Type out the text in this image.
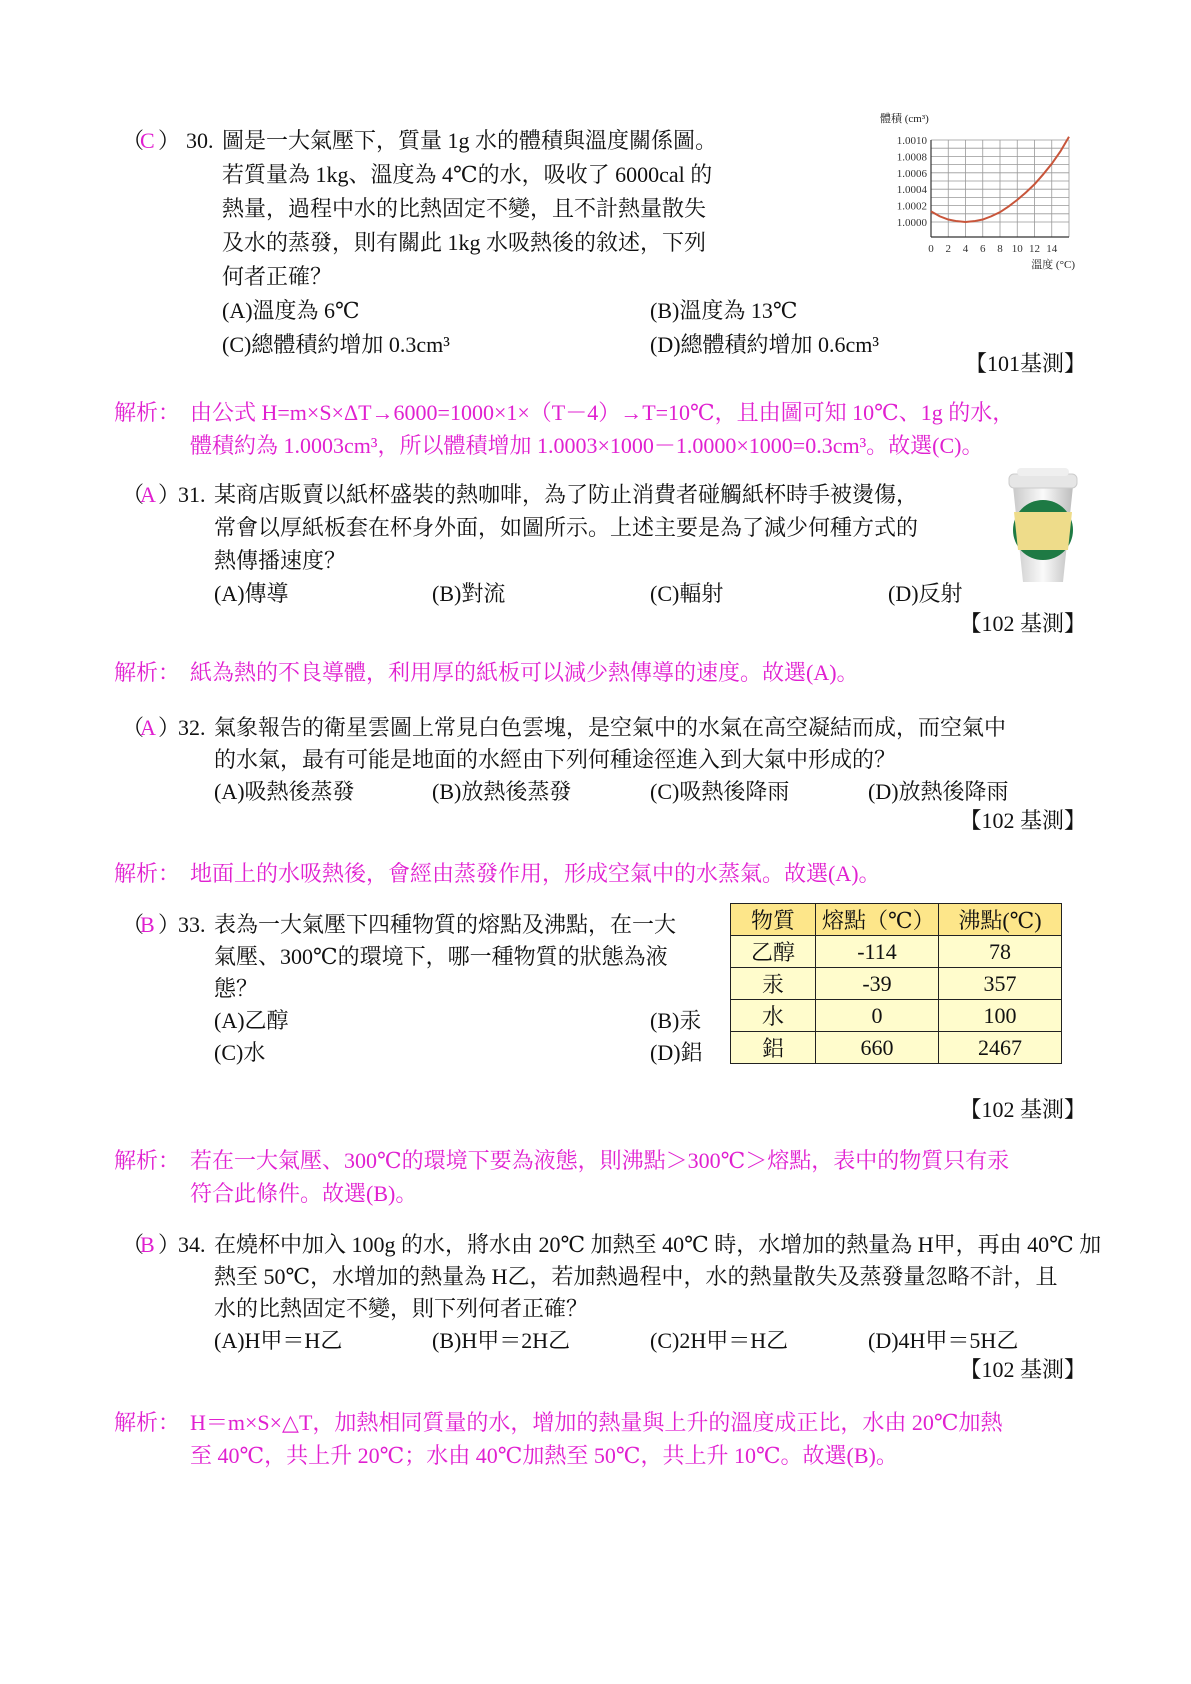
（
C ） 30. 圖是一大氣壓下，質量 1g 水的體積與溫度關係圖。
若質量為 1kg、溫度為 4℃的水，吸收了 6000cal 的
熱量，過程中水的比熱固定不變，且不計熱量散失
及水的蒸發，則有關此 1kg 水吸熱後的敘述，下列
何者正確？
(A)溫度為 6℃	(B)溫度為 13℃
(C)總體積約增加 0.3cm³	(D)總體積約增加 0.6cm³
【101基測】
解析： 由公式 H=m×S×ΔT→6000=1000×1×（T－4）→T=10℃，且由圖可知 10℃、1g 的水，
體積約為 1.0003cm³，所以體積增加 1.0003×1000－1.0000×1000=0.3cm³。故選(C)。
（
A ）
31. 某商店販賣以紙杯盛裝的熱咖啡，為了防止消費者碰觸紙杯時手被燙傷，
常會以厚紙板套在杯身外面，如圖所示。上述主要是為了減少何種方式的
熱傳播速度？
(A)傳導	(B)對流	(C)輻射	(D)反射
【102 基測】
解析： 紙為熱的不良導體，利用厚的紙板可以減少熱傳導的速度。故選(A)。
（
A ）
32. 氣象報告的衛星雲圖上常見白色雲塊，是空氣中的水氣在高空凝結而成，而空氣中
的水氣，最有可能是地面的水經由下列何種途徑進入到大氣中形成的？
(A)吸熱後蒸發	(B)放熱後蒸發	(C)吸熱後降雨	(D)放熱後降雨
【102 基測】
解析： 地面上的水吸熱後，會經由蒸發作用，形成空氣中的水蒸氣。故選(A)。
（
B ）
33. 表為一大氣壓下四種物質的熔點及沸點，在一大
氣壓、300℃的環境下，哪一種物質的狀態為液
態？
(A)乙醇	(B)汞
(C)水	(D)鋁
【102 基測】
解析： 若在一大氣壓、300℃的環境下要為液態，則沸點＞300℃＞熔點，表中的物質只有汞
符合此條件。故選(B)。
（
B ）
34. 在燒杯中加入 100g 的水，將水由 20℃ 加熱至 40℃ 時，水增加的熱量為 H甲，再由 40℃ 加
熱至 50℃，水增加的熱量為 H乙，若加熱過程中，水的熱量散失及蒸發量忽略不計，且
水的比熱固定不變，則下列何者正確？
(A)H甲＝H乙	(B)H甲＝2H乙	(C)2H甲＝H乙	(D)4H甲＝5H乙
【102 基測】
解析： H＝m×S×△T，加熱相同質量的水，增加的熱量與上升的溫度成正比，水由 20℃加熱
至 40℃，共上升 20℃；水由 40℃加熱至 50℃，共上升 10℃。故選(B)。
物質	熔點（℃）	沸點(℃)
乙醇	-114	78
汞	-39	357
水	0	100
鋁	660	2467
1.0000
1.0002
1.0004
1.0006
1.0008
1.0010
0 2 4 6 8 10 12 14
體積 (cm³)
溫度 (°C)
